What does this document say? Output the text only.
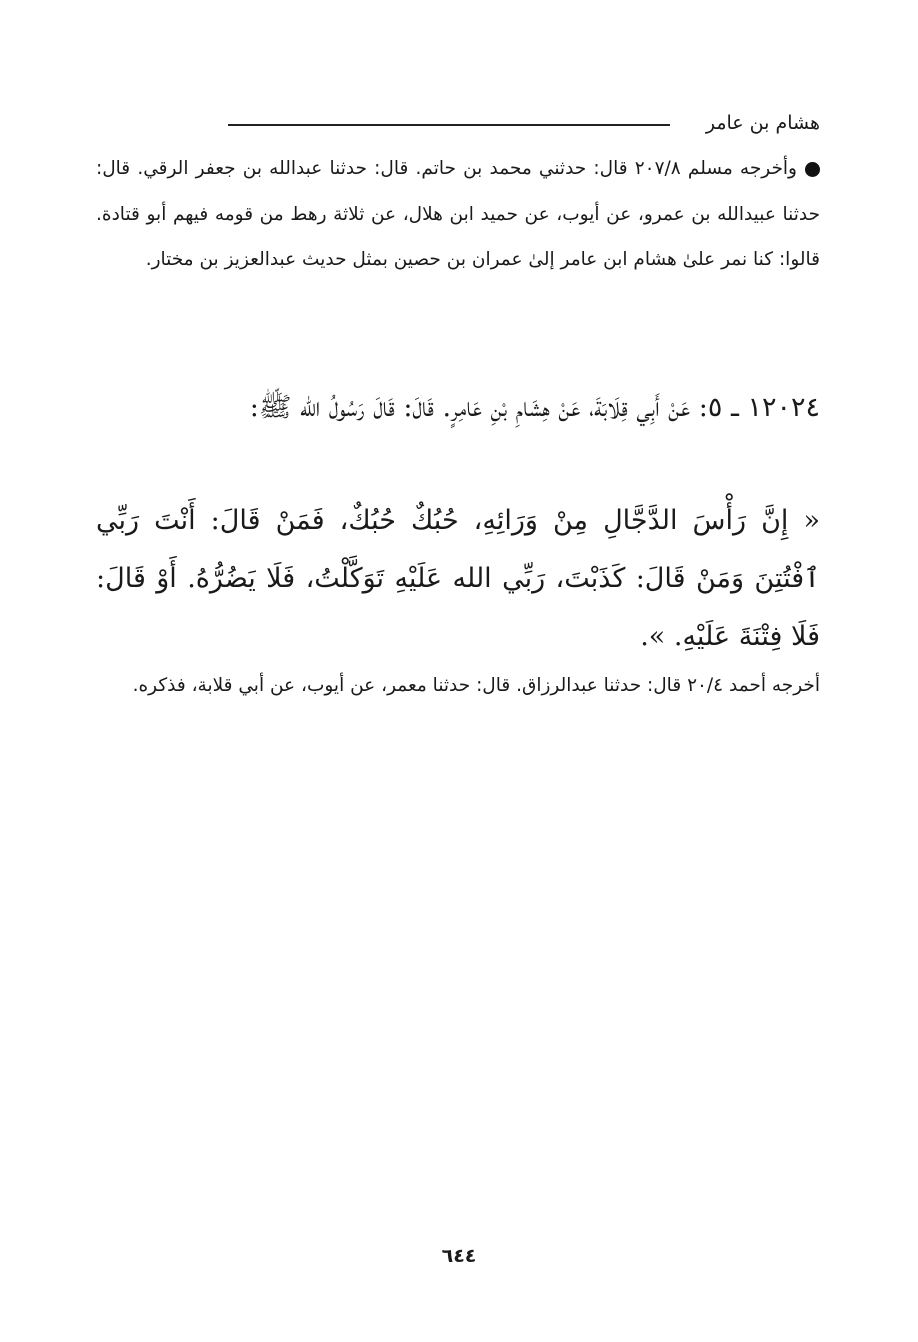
هشام بن عامر

وأخرجه مسلم ٢٠٧/٨ قال: حدثني محمد بن حاتم. قال: حدثنا عبدالله بن جعفر الرقي. قال: حدثنا عبيدالله بن عمرو، عن أيوب، عن حميد ابن هلال، عن ثلاثة رهط من قومه فيهم أبو قتادة. قالوا: كنا نمر علىٰ هشام ابن عامر إلىٰ عمران بن حصين بمثل حديث عبدالعزيز بن مختار.

١٢٠٢٤ ـ ٥: عَنْ أَبِي قِلَابَةَ، عَنْ هِشَامِ بْنِ عَامِرٍ. قَالَ: قَالَ رَسُولُ الله ﷺ:

« إِنَّ رَأْسَ الدَّجَّالِ مِنْ وَرَائِهِ، حُبُكٌ حُبُكٌ، فَمَنْ قَالَ: أَنْتَ رَبِّي ٱفْتُتِنَ وَمَنْ قَالَ: كَذَبْتَ، رَبِّي الله عَلَيْهِ تَوَكَّلْتُ، فَلَا يَضُرُّهُ. أَوْ قَالَ: فَلَا فِتْنَةَ عَلَيْهِ. ».

أخرجه أحمد ٢٠/٤ قال: حدثنا عبدالرزاق. قال: حدثنا معمر، عن أيوب، عن أبي قلابة، فذكره.

٦٤٤
